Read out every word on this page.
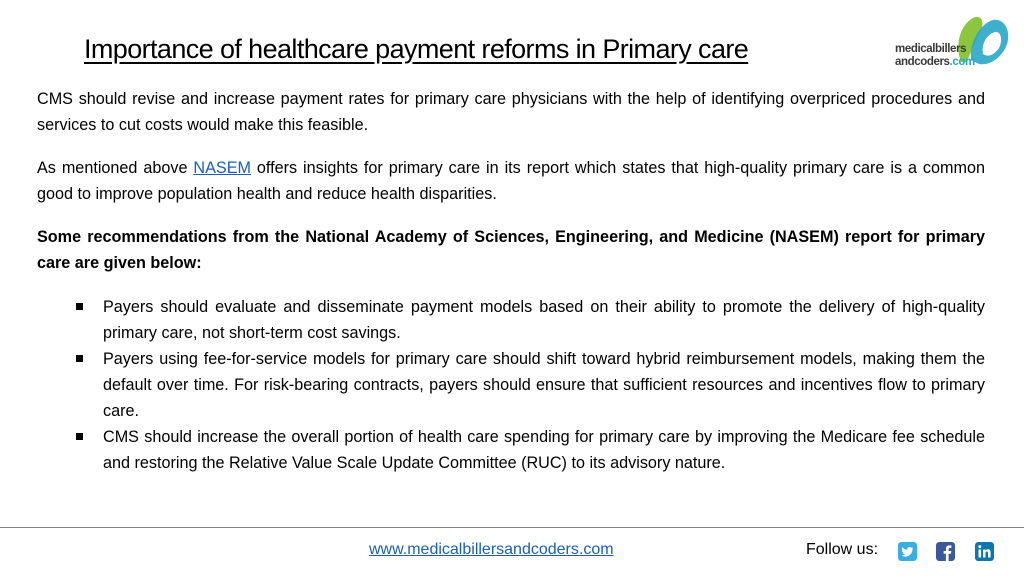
Importance of healthcare payment reforms in Primary care	medicalbillers
andcoders.com

CMS should revise and increase payment rates for primary care physicians with the help of identifying overpriced procedures and services to cut costs would make this feasible.

As mentioned above NASEM offers insights for primary care in its report which states that high-quality primary care is a common good to improve population health and reduce health disparities.

Some recommendations from the National Academy of Sciences, Engineering, and Medicine (NASEM) report for primary care are given below:

Payers should evaluate and disseminate payment models based on their ability to promote the delivery of high-quality primary care, not short-term cost savings.
Payers using fee-for-service models for primary care should shift toward hybrid reimbursement models, making them the default over time. For risk-bearing contracts, payers should ensure that sufficient resources and incentives flow to primary care.
CMS should increase the overall portion of health care spending for primary care by improving the Medicare fee schedule and restoring the Relative Value Scale Update Committee (RUC) to its advisory nature.
www.medicalbillersandcoders.com	Follow us:
